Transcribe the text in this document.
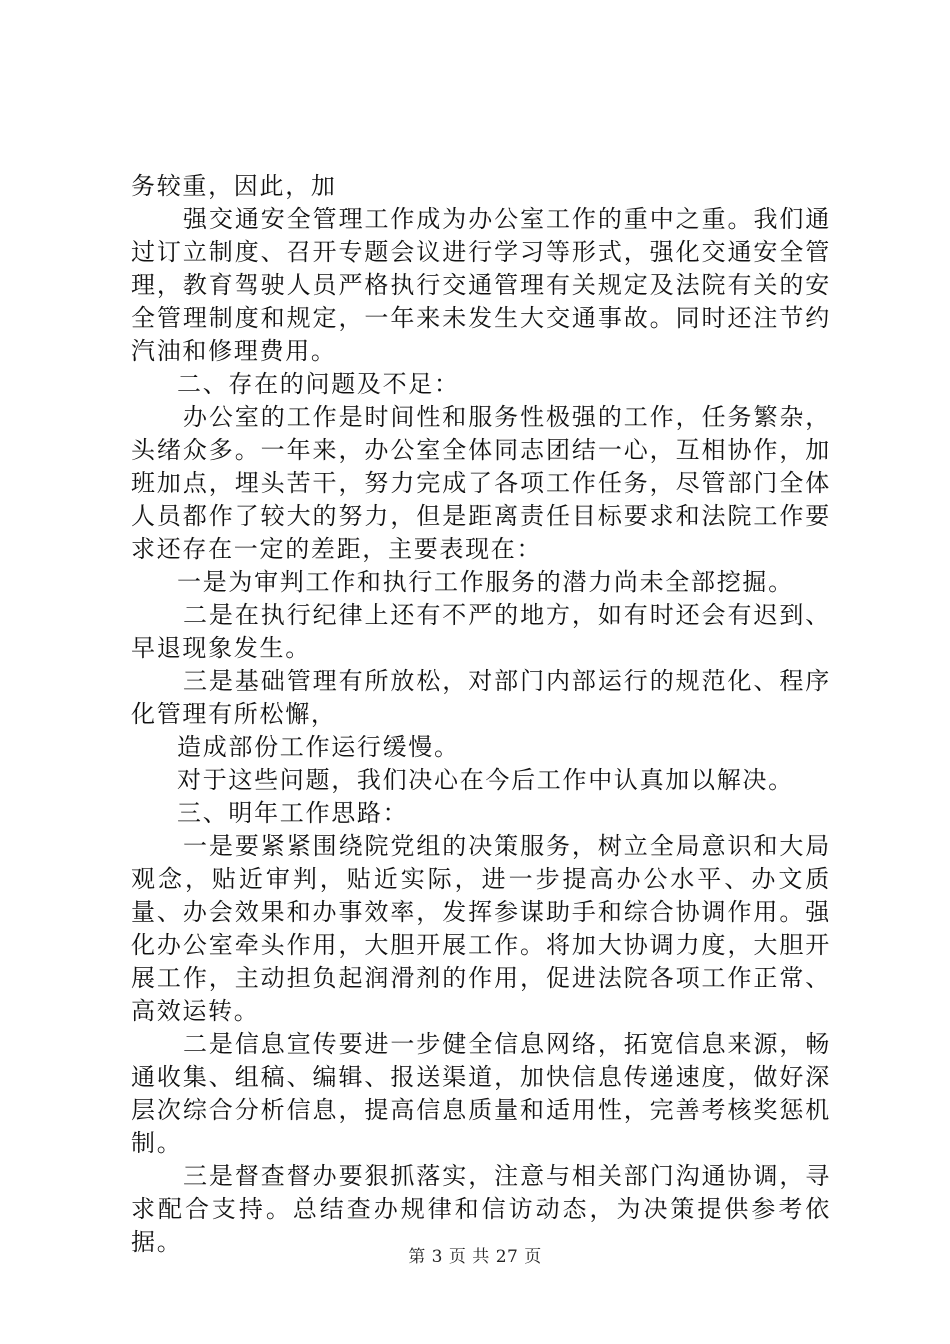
务较重，因此，加

强交通安全管理工作成为办公室工作的重中之重。我们通过订立制度、召开专题会议进行学习等形式，强化交通安全管理，教育驾驶人员严格执行交通管理有关规定及法院有关的安全管理制度和规定，一年来未发生大交通事故。同时还注节约汽油和修理费用。

二、存在的问题及不足：

办公室的工作是时间性和服务性极强的工作，任务繁杂，头绪众多。一年来，办公室全体同志团结一心，互相协作，加班加点，埋头苦干，努力完成了各项工作任务，尽管部门全体人员都作了较大的努力，但是距离责任目标要求和法院工作要求还存在一定的差距，主要表现在：

一是为审判工作和执行工作服务的潜力尚未全部挖掘。

二是在执行纪律上还有不严的地方，如有时还会有迟到、早退现象发生。

三是基础管理有所放松，对部门内部运行的规范化、程序化管理有所松懈，

造成部份工作运行缓慢。

对于这些问题，我们决心在今后工作中认真加以解决。

三、明年工作思路：

一是要紧紧围绕院党组的决策服务，树立全局意识和大局观念，贴近审判，贴近实际，进一步提高办公水平、办文质量、办会效果和办事效率，发挥参谋助手和综合协调作用。强化办公室牵头作用，大胆开展工作。将加大协调力度，大胆开展工作，主动担负起润滑剂的作用，促进法院各项工作正常、高效运转。

二是信息宣传要进一步健全信息网络，拓宽信息来源，畅通收集、组稿、编辑、报送渠道，加快信息传递速度，做好深层次综合分析信息，提高信息质量和适用性，完善考核奖惩机制。

三是督查督办要狠抓落实，注意与相关部门沟通协调，寻求配合支持。总结查办规律和信访动态，为决策提供参考依据。

第 3 页 共 27 页
